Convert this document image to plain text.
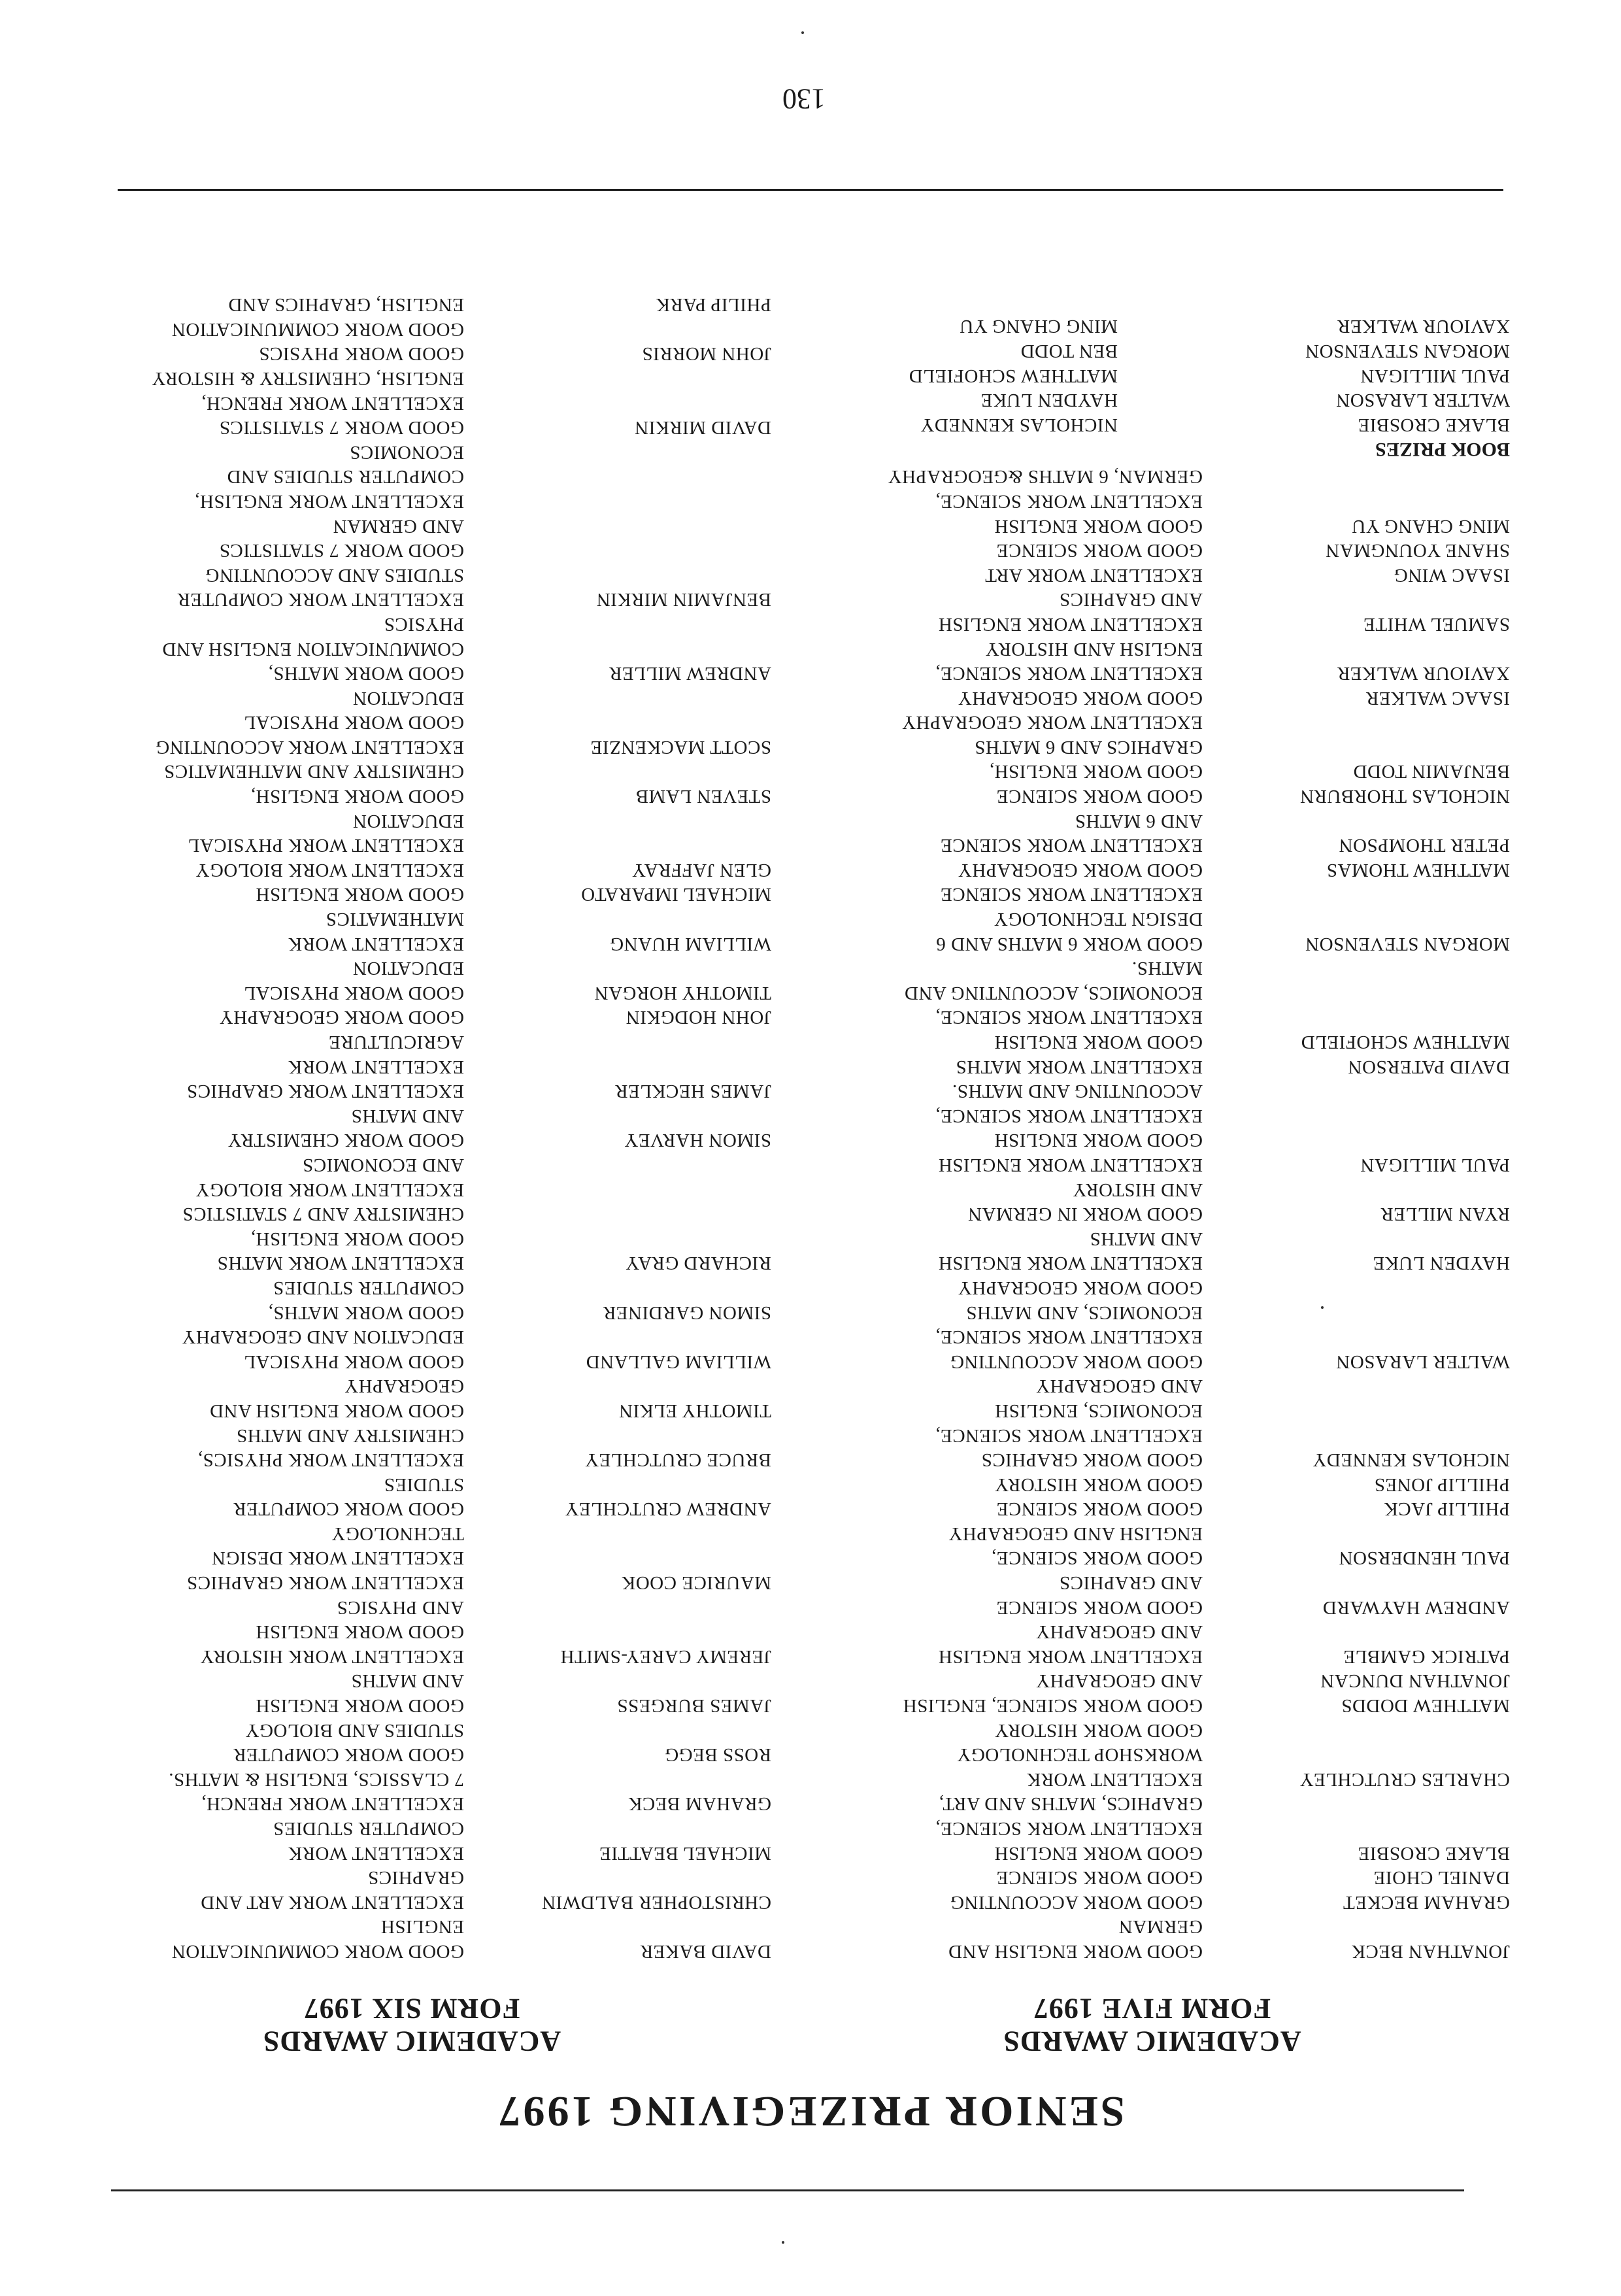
SENIOR PRIZEGIVING 1997
ACADEMIC AWARDS
FORM FIVE 1997
JONATHAN BECK
GOOD WORK ENGLISH AND
GERMAN
GRAHAM BECKET
DANIEL CHOIE
BLAKE CROSBIE
GOOD WORK ACCOUNTING
GOOD WORK SCIENCE
GOOD WORK ENGLISH
EXCELLENT WORK SCIENCE,
GRAPHICS, MATHS AND ART,
CHARLES CRUTCHLEY
EXCELLENT WORK
WORKSHOP TECHNOLOGY
GOOD WORK HISTORY
MATTHEW DODDS
JONATHAN DUNCAN
GOOD WORK SCIENCE, ENGLISH
AND GEOGRAPHY
PATRICK GAMBLE
EXCELLENT WORK ENGLISH
AND GEOGRAPHY
ANDREW HAYWARD
GOOD WORK SCIENCE
AND GRAPHICS
PAUL HENDERSON
GOOD WORK SCIENCE,
ENGLISH AND GEOGRAPHY
PHILLIP JACK
PHILLIP JONES
NICHOLAS KENNEDY
GOOD WORK SCIENCE
GOOD WORK HISTORY
GOOD WORK GRAPHICS
EXCELLENT WORK SCIENCE,
ECONOMICS, ENGLISH
AND GEOGRAPHY
WALTER LARASON
GOOD WORK ACCOUNTING
EXCELLENT WORK SCIENCE,
ECONOMICS, AND MATHS
GOOD WORK GEOGRAPHY
HAYDEN LUKE
EXCELLENT WORK ENGLISH
AND MATHS
RYAN MILLER
GOOD WORK IN GERMAN
AND HISTORY
PAUL MILLIGAN
EXCELLENT WORK ENGLISH
GOOD WORK ENGLISH
EXCELLENT WORK SCIENCE,
ACCOUNTING AND MATHS.
DAVID PATERSON
MATTHEW SCHOFIELD
EXCELLENT WORK MATHS
GOOD WORK ENGLISH
EXCELLENT WORK SCIENCE,
ECONOMICS, ACCOUNTING AND
MATHS.
MORGAN STEVENSON
GOOD WORK 6 MATHS AND 6
DESIGN TECHNOLOGY
EXCELLENT WORK SCIENCE
MATTHEW THOMAS
PETER THOMPSON
GOOD WORK GEOGRAPHY
EXCELLENT WORK SCIENCE
AND 6 MATHS
NICHOLAS THORBURN
BENJAMIN TODD
GOOD WORK SCIENCE
GOOD WORK ENGLISH,
GRAPHICS AND 6 MATHS
EXCELLENT WORK GEOGRAPHY
ISAAC WALKER
XAVIOUR WALKER
GOOD WORK GEOGRAPHY
EXCELLENT WORK SCIENCE,
ENGLISH AND HISTORY
SAMUEL WHITE
EXCELLENT WORK ENGLISH
AND GRAPHICS
ISAAC WING
SHANE YOUNGMAN
MING CHANG YU
EXCELLENT WORK ART
GOOD WORK SCIENCE
GOOD WORK ENGLISH
EXCELLENT WORK SCIENCE,
GERMAN, 6 MATHS &GEOGRAPHY
BOOK PRIZES
BLAKE CROSBIE
WALTER LARASON
PAUL MILLIGAN
MORGAN STEVENSON
XAVIOUR WALKER
NICHOLAS KENNEDY
HAYDEN LUKE
MATTHEW SCHOFIELD
BEN TODD
MING CHANG YU
ACADEMIC AWARDS
FORM SIX 1997
DAVID BAKER
GOOD WORK COMMUNICATION
ENGLISH
CHRISTOPHER BALDWIN
EXCELLENT WORK ART AND
GRAPHICS
MICHAEL BEATTIE
EXCELLENT WORK
COMPUTER STUDIES
GRAHAM BECK
EXCELLENT WORK FRENCH,
7 CLASSICS, ENGLISH & MATHS.
ROSS BEGG
GOOD WORK COMPUTER
STUDIES AND BIOLOGY
JAMES BURGESS
GOOD WORK ENGLISH
AND MATHS
JEREMY CAREY-SMITH
EXCELLENT WORK HISTORY
GOOD WORK ENGLISH
AND PHYSICS
MAURICE COOK
EXCELLENT WORK GRAPHICS
EXCELLENT WORK DESIGN
TECHNOLOGY
ANDREW CRUTCHLEY
GOOD WORK COMPUTER
STUDIES
BRUCE CRUTCHLEY
EXCELLENT WORK PHYSICS,
CHEMISTRY AND MATHS
TIMOTHY ELKIN
GOOD WORK ENGLISH AND
GEOGRAPHY
WILLIAM GALLAND
GOOD WORK PHYSICAL
EDUCATION AND GEOGRAPHY
SIMON GARDINER
GOOD WORK MATHS,
COMPUTER STUDIES
RICHARD GRAY
EXCELLENT WORK MATHS
GOOD WORK ENGLISH,
CHEMISTRY AND 7 STATISTICS
EXCELLENT WORK BIOLOGY
AND ECONOMICS
SIMON HARVEY
GOOD WORK CHEMISTRY
AND MATHS
JAMES HECKLER
EXCELLENT WORK GRAPHICS
EXCELLENT WORK
AGRICULTURE
JOHN HODGKIN
TIMOTHY HORGAN
GOOD WORK GEOGRAPHY
GOOD WORK PHYSICAL
EDUCATION
WILLIAM HUANG
EXCELLENT WORK
MATHEMATICS
MICHAEL IMPARATO
GOOD WORK ENGLISH
GLEN JAFFRAY
EXCELLENT WORK BIOLOGY
EXCELLENT WORK PHYSICAL
EDUCATION
STEVEN LAMB
GOOD WORK ENGLISH,
CHEMISTRY AND MATHEMATICS
SCOTT MACKENZIE
EXCELLENT WORK ACCOUNTING
GOOD WORK PHYSICAL
EDUCATION
ANDREW MILLER
GOOD WORK MATHS,
COMMUNICATION ENGLISH AND
PHYSICS
BENJAMIN MIRKIN
EXCELLENT WORK COMPUTER
STUDIES AND ACCOUNTING
GOOD WORK 7 STATISTICS
AND GERMAN
EXCELLENT WORK ENGLISH,
COMPUTER STUDIES AND
ECONOMICS
DAVID MIRKIN
GOOD WORK 7 STATISTICS
EXCELLENT WORK FRENCH,
ENGLISH, CHEMISTRY & HISTORY
JOHN MORRIS
GOOD WORK PHYSICS
GOOD WORK COMMUNICATION
PHILIP PARK
ENGLISH, GRAPHICS AND
130
